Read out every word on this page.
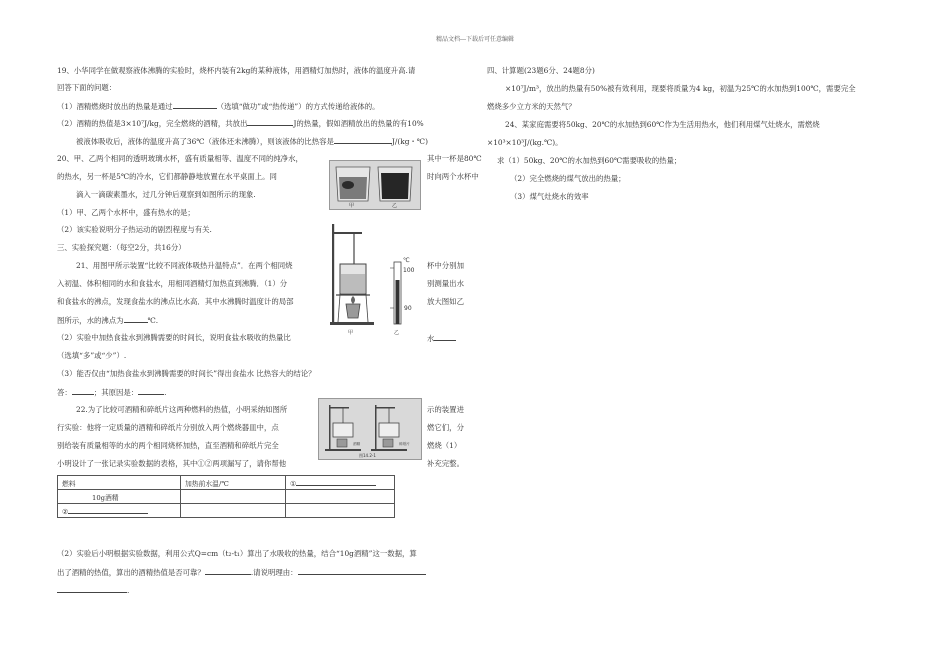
精品文档---下载后可任意编辑
19、小华同学在做观察液体沸腾的实验时，烧杯内装有2kg的某种液体，用酒精灯加热时，液体的温度升高.请
回答下面的问题：
（1）酒精燃烧时放出的热量是通过	（选填“做功”或“热传递”）的方式传递给液体的。
（2）酒精的热值是3×10⁷J/kg，完全燃烧的酒精，共放出	J的热量，假如酒精放出的热量的有10%
被液体吸收后，液体的温度升高了36℃（液体还未沸腾），则该液体的比热容是	J/(kg・℃)
20、甲、乙两个相同的透明玻璃水杯，盛有质量相等、温度不同的纯净水，	其中一杯是80℃
的热水，另一杯是5℃的冷水，它们都静静地放置在水平桌面上。同	时向两个水杯中
滴入一滴碳素墨水，过几分钟后观察到如图所示的现象.
（1）甲、乙两个水杯中，盛有热水的是；
（2）该实验说明分子热运动的剧烈程度与有关.
甲	乙
三、实验探究题：（每空2分，共16分）
21、用图甲所示装置“比较不同液体吸热升温特点”．在两个相同烧	杯中分别加
入初温、体积相同的水和食盐水，用相同酒精灯加热直到沸腾．（1）分	别测量出水
和食盐水的沸点，发现食盐水的沸点比水高．其中水沸腾时温度计的局部	放大图如乙
图所示，水的沸点为	℃.
（2）实验中加热食盐水到沸腾需要的时间长，说明食盐水吸收的热量比	水
（选填“多”或“少”）.
（3）能否仅由“加热食盐水到沸腾需要的时间长”得出食盐水 比热容大的结论？
答：	；其原因是：	.
甲
℃
100
90
乙
22.为了比较可酒精和碎纸片这两种燃料的热值，小明采纳如图所	示的装置进
行实验：他将一定质量的酒精和碎纸片分别放入两个燃烧器皿中，点	燃它们，分
别给装有质量相等的水的两个相同烧杯加热，直至酒精和碎纸片完全	燃烧（1）
小明设计了一张记录实验数据的表格，其中①②两项漏写了，请你帮他	补充完整。
酒精	碎纸片
图14.2-1
燃料	加热前水温/℃	①
10g酒精		
②		
（2）实验后小明根据实验数据，利用公式Q=cm（t₂-t₁）算出了水吸收的热量，结合“10g酒精”这一数据，算
出了酒精的热值，算出的酒精热值是否可靠？	.请说明理由：
.
四、计算题(23题6分、24题8分)
×10⁷J/m³，放出的热量有50%被有效利用，现要将质量为4 kg，初温为25℃的水加热到100℃，需要完全
燃烧多少立方米的天然气？
24、某家庭需要将50kg、20℃的水加热到60℃作为生活用热水，他们利用煤气灶烧水，需燃烧
×10³×10³J/(kg.℃)。
求（1）50kg、20℃的水加热到60℃需要吸收的热量；
（2）完全燃烧的煤气放出的热量；
（3）煤气灶烧水的效率
